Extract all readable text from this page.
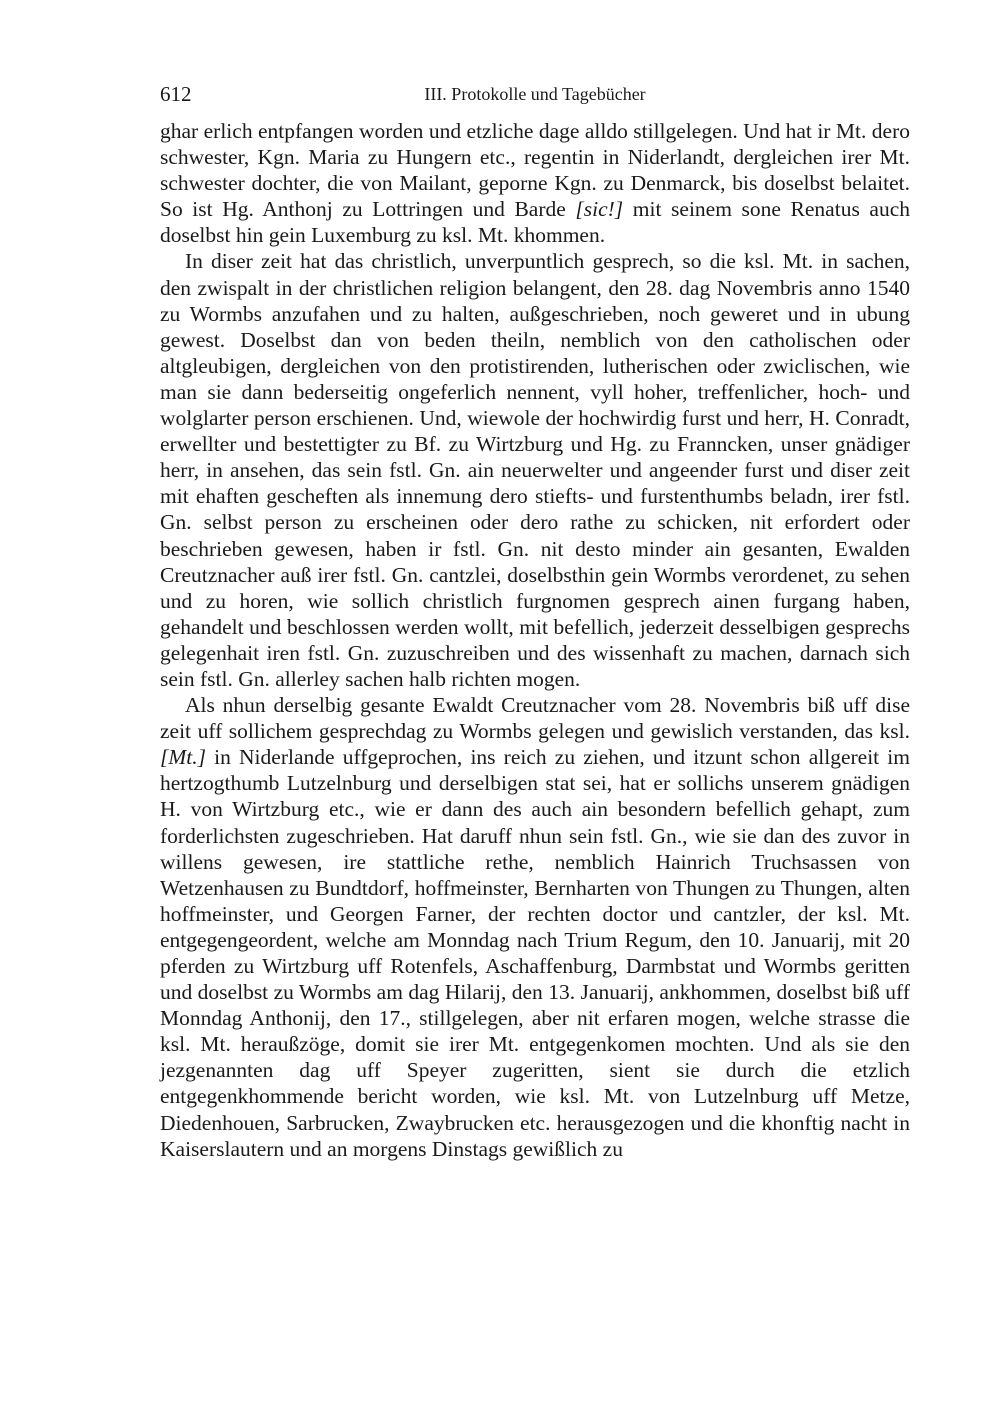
612	III. Protokolle und Tagebücher

ghar erlich entpfangen worden und etzliche dage alldo stillgelegen. Und hat ir Mt. dero schwester, Kgn. Maria zu Hungern etc., regentin in Niderlandt, dergleichen irer Mt. schwester dochter, die von Mailant, geporne Kgn. zu Denmarck, bis doselbst belaitet. So ist Hg. Anthonj zu Lottringen und Barde [sic!] mit seinem sone Renatus auch doselbst hin gein Luxemburg zu ksl. Mt. khommen.

In diser zeit hat das christlich, unverpuntlich gesprech, so die ksl. Mt. in sachen, den zwispalt in der christlichen religion belangent, den 28. dag Novembris anno 1540 zu Wormbs anzufahen und zu halten, außgeschrieben, noch geweret und in ubung gewest. Doselbst dan von beden theiln, nemblich von den catholischen oder altgleubigen, dergleichen von den protistirenden, lutherischen oder zwiclischen, wie man sie dann bederseitig ongeferlich nennent, vyll hoher, treffenlicher, hoch- und wolglarter person erschienen. Und, wiewole der hochwirdig furst und herr, H. Conradt, erwellter und bestettigter zu Bf. zu Wirtzburg und Hg. zu Franncken, unser gnädiger herr, in ansehen, das sein fstl. Gn. ain neuerwelter und angeender furst und diser zeit mit ehaften gescheften als innemung dero stiefts- und furstenthumbs beladn, irer fstl. Gn. selbst person zu erscheinen oder dero rathe zu schicken, nit erfordert oder beschrieben gewesen, haben ir fstl. Gn. nit desto minder ain gesanten, Ewalden Creutznacher auß irer fstl. Gn. cantzlei, doselbsthin gein Wormbs verordenet, zu sehen und zu horen, wie sollich christlich furgnomen gesprech ainen furgang haben, gehandelt und beschlossen werden wollt, mit befellich, jederzeit desselbigen gesprechs gelegenhait iren fstl. Gn. zuzuschreiben und des wissenhaft zu machen, darnach sich sein fstl. Gn. allerley sachen halb richten mogen.

Als nhun derselbig gesante Ewaldt Creutznacher vom 28. Novembris biß uff dise zeit uff sollichem gesprechdag zu Wormbs gelegen und gewislich verstanden, das ksl. [Mt.] in Niderlande uffgeprochen, ins reich zu ziehen, und itzunt schon allgereit im hertzogthumb Lutzelnburg und derselbigen stat sei, hat er sollichs unserem gnädigen H. von Wirtzburg etc., wie er dann des auch ain besondern befellich gehapt, zum forderlichsten zugeschrieben. Hat daruff nhun sein fstl. Gn., wie sie dan des zuvor in willens gewesen, ire stattliche rethe, nemblich Hainrich Truchsassen von Wetzenhausen zu Bundtdorf, hoffmeinster, Bernharten von Thungen zu Thungen, alten hoffmeinster, und Georgen Farner, der rechten doctor und cantzler, der ksl. Mt. entgegengeordent, welche am Monndag nach Trium Regum, den 10. Januarij, mit 20 pferden zu Wirtzburg uff Rotenfels, Aschaffenburg, Darmbstat und Wormbs geritten und doselbst zu Wormbs am dag Hilarij, den 13. Januarij, ankhommen, doselbst biß uff Monndag Anthonij, den 17., stillgelegen, aber nit erfaren mogen, welche strasse die ksl. Mt. heraußzöge, domit sie irer Mt. entgegenkomen mochten. Und als sie den jezgenannten dag uff Speyer zugeritten, sient sie durch die etzlich entgegenkhommende bericht worden, wie ksl. Mt. von Lutzelnburg uff Metze, Diedenhouen, Sarbrucken, Zwaybrucken etc. herausgezogen und die khonftig nacht in Kaiserslautern und an morgens Dinstags gewißlich zu
